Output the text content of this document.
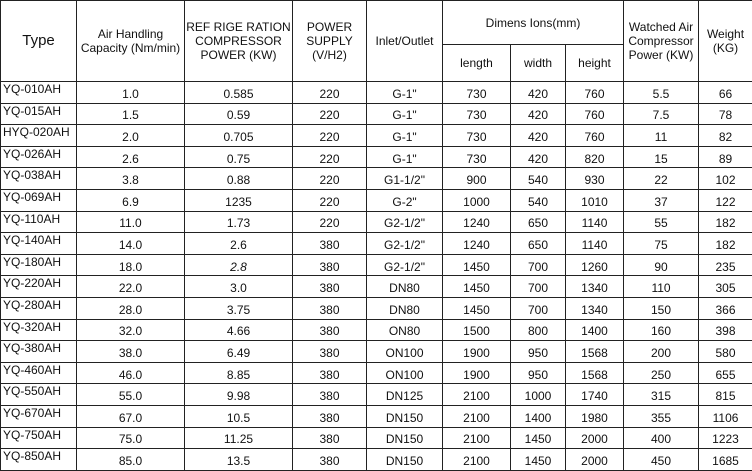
Type	Air Handling Capacity (Nm/min)	REF RIGE RATION COMPRESSOR POWER (KW)	POWER SUPPLY (V/H2)	Inlet/Outlet	Dimens Ions(mm)			Watched Air Compressor Power (KW)	Weight (KG)
					length	width	height		
YQ-010AH	1.0	0.585	220	G-1"	730	420	760	5.5	66
YQ-015AH	1.5	0.59	220	G-1"	730	420	760	7.5	78
HYQ-020AH	2.0	0.705	220	G-1"	730	420	760	11	82
YQ-026AH	2.6	0.75	220	G-1"	730	420	820	15	89
YQ-038AH	3.8	0.88	220	G1-1/2"	900	540	930	22	102
YQ-069AH	6.9	1235	220	G-2"	1000	540	1010	37	122
YQ-110AH	11.0	1.73	220	G2-1/2"	1240	650	1140	55	182
YQ-140AH	14.0	2.6	380	G2-1/2"	1240	650	1140	75	182
YQ-180AH	18.0	2.8	380	G2-1/2"	1450	700	1260	90	235
YQ-220AH	22.0	3.0	380	DN80	1450	700	1340	110	305
YQ-280AH	28.0	3.75	380	DN80	1450	700	1340	150	366
YQ-320AH	32.0	4.66	380	ON80	1500	800	1400	160	398
YQ-380AH	38.0	6.49	380	ON100	1900	950	1568	200	580
YQ-460AH	46.0	8.85	380	ON100	1900	950	1568	250	655
YQ-550AH	55.0	9.98	380	DN125	2100	1000	1740	315	815
YQ-670AH	67.0	10.5	380	DN150	2100	1400	1980	355	1106
YQ-750AH	75.0	11.25	380	DN150	2100	1450	2000	400	1223
YQ-850AH	85.0	13.5	380	DN150	2100	1450	2000	450	1685
